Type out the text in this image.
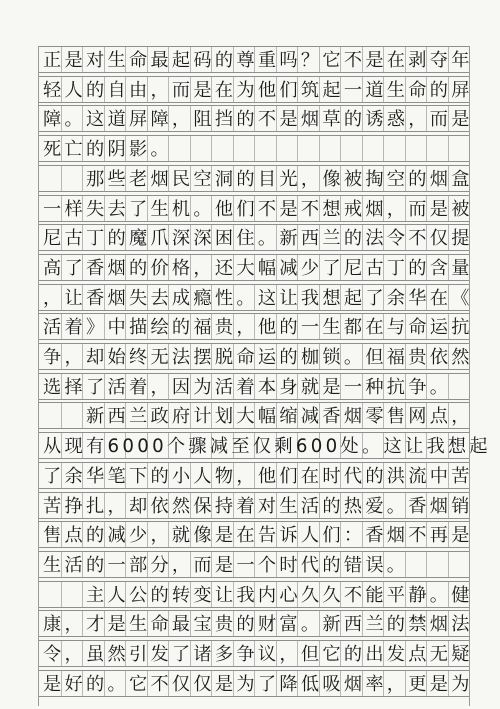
正是对生命最起码的尊重吗？它不是在剥夺年
轻人的自由，而是在为他们筑起一道生命的屏
障。这道屏障，阻挡的不是烟草的诱惑，而是
死亡的阴影。
　　那些老烟民空洞的目光，像被掏空的烟盒
一样失去了生机。他们不是不想戒烟，而是被
尼古丁的魔爪深深困住。新西兰的法令不仅提
高了香烟的价格，还大幅减少了尼古丁的含量
，让香烟失去成瘾性。这让我想起了余华在《
活着》中描绘的福贵，他的一生都在与命运抗
争，却始终无法摆脱命运的枷锁。但福贵依然
选择了活着，因为活着本身就是一种抗争。
　　新西兰政府计划大幅缩减香烟零售网点，
从现有6000个骤减至仅剩600处。这让我想起
了余华笔下的小人物，他们在时代的洪流中苦
苦挣扎，却依然保持着对生活的热爱。香烟销
售点的减少，就像是在告诉人们：香烟不再是
生活的一部分，而是一个时代的错误。
　　主人公的转变让我内心久久不能平静。健
康，才是生命最宝贵的财富。新西兰的禁烟法
令，虽然引发了诸多争议，但它的出发点无疑
是好的。它不仅仅是为了降低吸烟率，更是为
